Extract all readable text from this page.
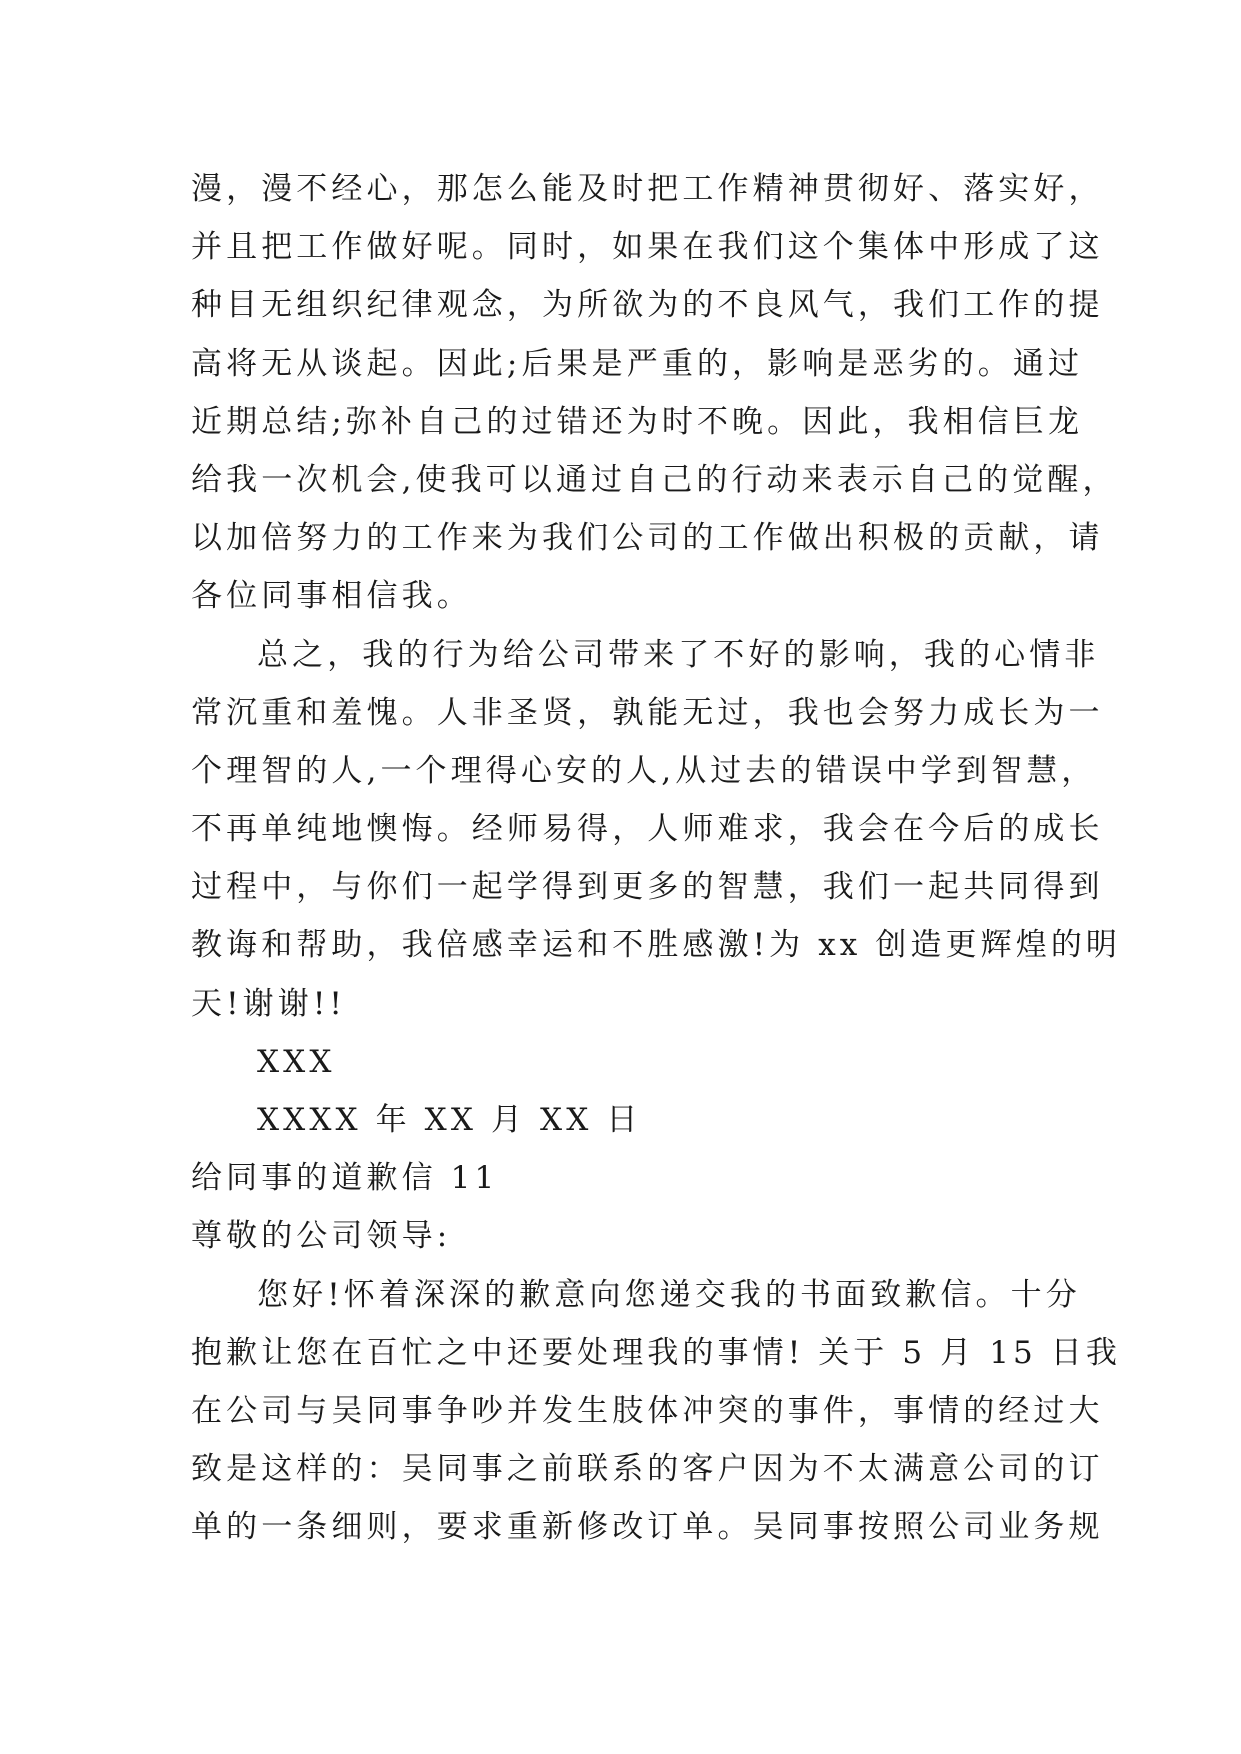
漫，漫不经心，那怎么能及时把工作精神贯彻好、落实好，
并且把工作做好呢。同时，如果在我们这个集体中形成了这
种目无组织纪律观念，为所欲为的不良风气，我们工作的提
高将无从谈起。因此;后果是严重的，影响是恶劣的。通过
近期总结;弥补自己的过错还为时不晚。因此，我相信巨龙
给我一次机会,使我可以通过自己的行动来表示自己的觉醒，
以加倍努力的工作来为我们公司的工作做出积极的贡献，请
各位同事相信我。
总之，我的行为给公司带来了不好的影响，我的心情非
常沉重和羞愧。人非圣贤，孰能无过，我也会努力成长为一
个理智的人,一个理得心安的人,从过去的错误中学到智慧，
不再单纯地懊悔。经师易得，人师难求，我会在今后的成长
过程中，与你们一起学得到更多的智慧，我们一起共同得到
教诲和帮助，我倍感幸运和不胜感激!为 xx 创造更辉煌的明
天!谢谢!!
XXX
XXXX 年 XX 月 XX 日
给同事的道歉信 11
尊敬的公司领导:
您好!怀着深深的歉意向您递交我的书面致歉信。十分
抱歉让您在百忙之中还要处理我的事情! 关于 5 月 15 日我
在公司与吴同事争吵并发生肢体冲突的事件，事情的经过大
致是这样的：吴同事之前联系的客户因为不太满意公司的订
单的一条细则，要求重新修改订单。吴同事按照公司业务规
